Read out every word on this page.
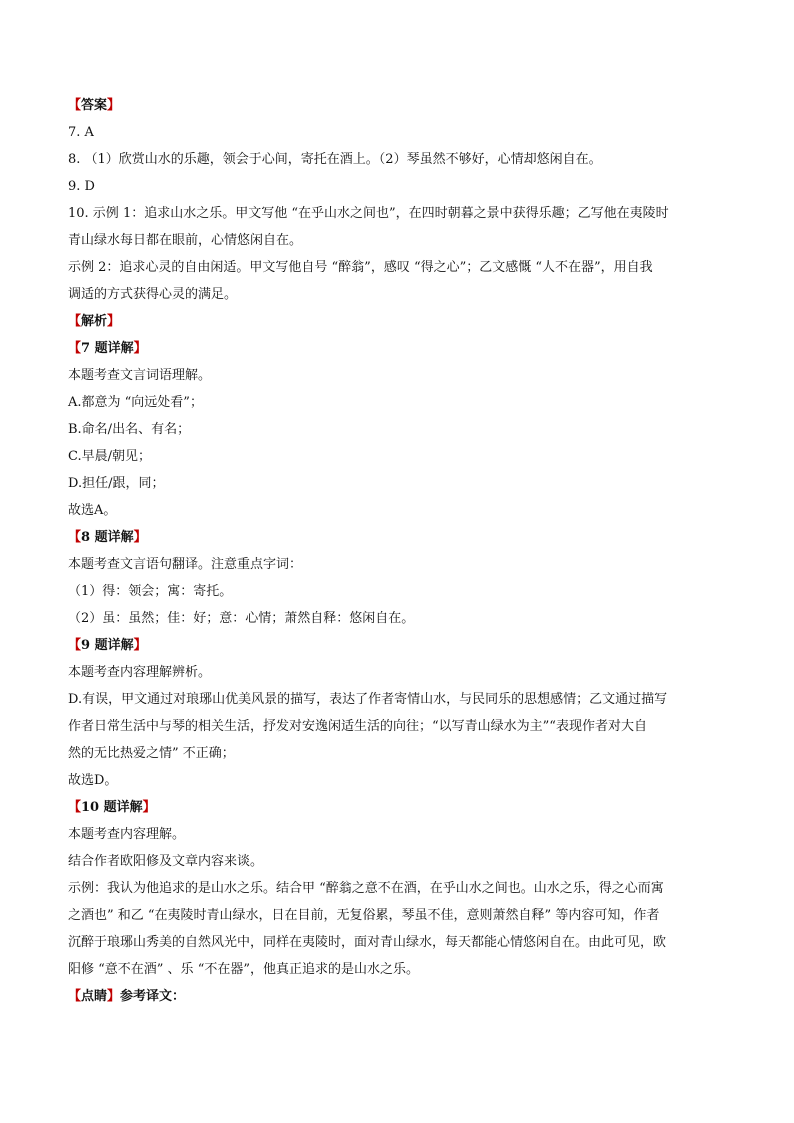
【答案】
7. A
8. （1）欣赏山水的乐趣，领会于心间，寄托在酒上。（2）琴虽然不够好，心情却悠闲自在。
9. D
10. 示例 1：追求山水之乐。甲文写他 “在乎山水之间也”，在四时朝暮之景中获得乐趣；乙写他在夷陵时
青山绿水每日都在眼前，心情悠闲自在。
示例 2：追求心灵的自由闲适。甲文写他自号 “醉翁”，感叹 “得之心”；乙文感慨 “人不在器”，用自我
调适的方式获得心灵的满足。
【解析】
【7 题详解】
本题考查文言词语理解。
A.都意为 “向远处看”；
B.命名/出名、有名；
C.早晨/朝见；
D.担任/跟，同；
故选A。
【8 题详解】
本题考查文言语句翻译。注意重点字词：
（1）得：领会；寓：寄托。
（2）虽：虽然；佳：好；意：心情；萧然自释：悠闲自在。
【9 题详解】
本题考查内容理解辨析。
D.有误，甲文通过对琅琊山优美风景的描写，表达了作者寄情山水，与民同乐的思想感情；乙文通过描写
作者日常生活中与琴的相关生活，抒发对安逸闲适生活的向往；“以写青山绿水为主”“表现作者对大自
然的无比热爱之情” 不正确；
故选D。
【10 题详解】
本题考查内容理解。
结合作者欧阳修及文章内容来谈。
示例：我认为他追求的是山水之乐。结合甲 “醉翁之意不在酒，在乎山水之间也。山水之乐，得之心而寓
之酒也” 和乙 “在夷陵时青山绿水，日在目前，无复俗累，琴虽不佳，意则萧然自释” 等内容可知，作者
沉醉于琅琊山秀美的自然风光中，同样在夷陵时，面对青山绿水，每天都能心情悠闲自在。由此可见，欧
阳修 “意不在酒” 、乐 “不在器”，他真正追求的是山水之乐。
【点睛】参考译文：
